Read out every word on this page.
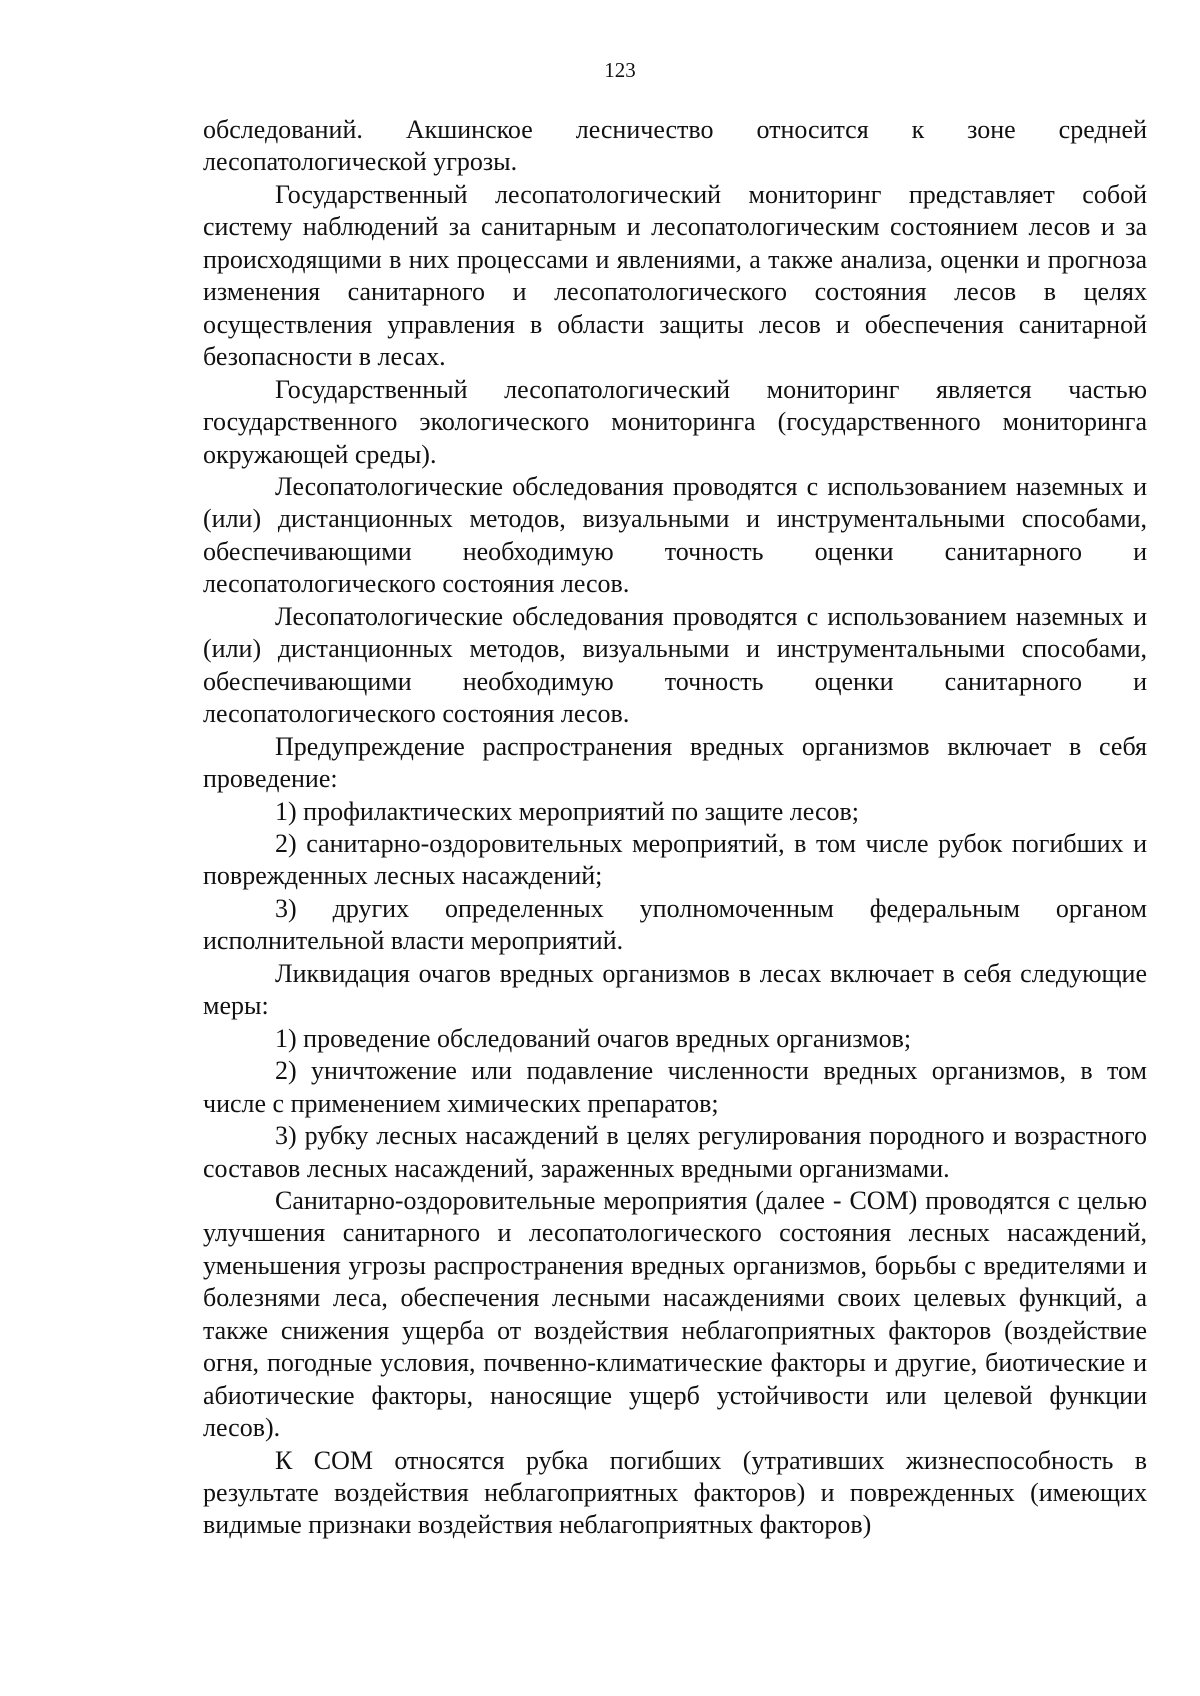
123

обследований. Акшинское лесничество относится к зоне средней лесопатологической угрозы.

Государственный лесопатологический мониторинг представляет собой систему наблюдений за санитарным и лесопатологическим состоянием лесов и за происходящими в них процессами и явлениями, а также анализа, оценки и прогноза изменения санитарного и лесопатологического состояния лесов в целях осуществления управления в области защиты лесов и обеспечения санитарной безопасности в лесах.

Государственный лесопатологический мониторинг является частью государственного экологического мониторинга (государственного мониторинга окружающей среды).

Лесопатологические обследования проводятся с использованием наземных и (или) дистанционных методов, визуальными и инструментальными способами, обеспечивающими необходимую точность оценки санитарного и лесопатологического состояния лесов.

Лесопатологические обследования проводятся с использованием наземных и (или) дистанционных методов, визуальными и инструментальными способами, обеспечивающими необходимую точность оценки санитарного и лесопатологического состояния лесов.

Предупреждение распространения вредных организмов включает в себя проведение:

1) профилактических мероприятий по защите лесов;

2) санитарно-оздоровительных мероприятий, в том числе рубок погибших и поврежденных лесных насаждений;

3) других определенных уполномоченным федеральным органом исполнительной власти мероприятий.

Ликвидация очагов вредных организмов в лесах включает в себя следующие меры:

1) проведение обследований очагов вредных организмов;

2) уничтожение или подавление численности вредных организмов, в том числе с применением химических препаратов;

3) рубку лесных насаждений в целях регулирования породного и возрастного составов лесных насаждений, зараженных вредными организмами.

Санитарно-оздоровительные мероприятия (далее - СОМ) проводятся с целью улучшения санитарного и лесопатологического состояния лесных насаждений, уменьшения угрозы распространения вредных организмов, борьбы с вредителями и болезнями леса, обеспечения лесными насаждениями своих целевых функций, а также снижения ущерба от воздействия неблагоприятных факторов (воздействие огня, погодные условия, почвенно-климатические факторы и другие, биотические и абиотические факторы, наносящие ущерб устойчивости или целевой функции лесов).

К СОМ относятся рубка погибших (утративших жизнеспособность в результате воздействия неблагоприятных факторов) и поврежденных (имеющих видимые признаки воздействия неблагоприятных факторов)
